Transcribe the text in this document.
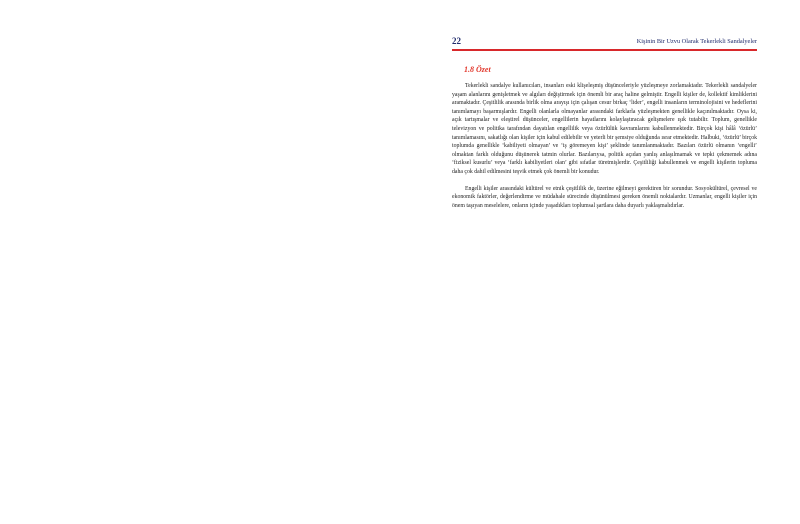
22	Kişinin Bir Uzvu Olarak Tekerlekli Sandalyeler
1.8 Özet

Tekerlekli sandalye kullanıcıları, insanları eski klişeleşmiş düşünceleriyle yüzleşmeye zorlamaktadır. Tekerlekli sandalyeler yaşam alanlarını genişletmek ve algıları değiştirmek için önemli bir araç haline gelmiştir. Engelli kişiler de, kollektif kimliklerini aramaktadır. Çeşitlilik arasında birlik olma arayışı için çalışan cesur birkaç ‘lider’, engelli insanların terminolojisini ve hedeflerini tanımlamayı başarmışlardır. Engelli olanlarla olmayanlar arasındaki farklarla yüzleşmekten genellikle kaçınılmaktadır. Oysa ki, açık tartışmalar ve eleştirel düşünceler, engellilerin hayatlarını kolaylaştıracak gelişmelere ışık tutabilir. Toplum, genellikle televizyon ve politika tarafından dayatılan engellilik veya özürlülük kavramlarını kabullenmektedir. Birçok kişi hâlâ ‘özürlü’ tanımlamasını, sakatlığı olan kişiler için kabul edilebilir ve yeterli bir şemsiye olduğunda ısrar etmektedir. Halbuki, ‘özürlü’ birçok toplumda genellikle ‘kabiliyeti olmayan’ ve ‘iş göremeyen kişi’ şeklinde tanımlanmaktadır. Bazıları özürlü olmanın ‘engelli’ olmaktan farklı olduğunu düşünerek tatmin olurlar. Bazılarıysa, politik açıdan yanlış anlaşılmamak ve tepki çekmemek adına ‘fiziksel kusurlu’ veya ‘farklı kabiliyetleri olan’ gibi sıfatlar türetmişlerdir. Çeşitliliği kabullenmek ve engelli kişilerin topluma daha çok dahil edilmesini teşvik etmek çok önemli bir konudur.

Engelli kişiler arasındaki kültürel ve etnik çeşitlilik de, üzerine eğilmeyi gerektiren bir sorundur. Sosyokültürel, çevresel ve ekonomik faktörler, değerlendirme ve müdahale sürecinde düşünülmesi gereken önemli noktalardır. Uzmanlar, engelli kişiler için önem taşıyan meselelere, onların içinde yaşadıkları toplumsal şartlara daha duyarlı yaklaşmalıdırlar.
